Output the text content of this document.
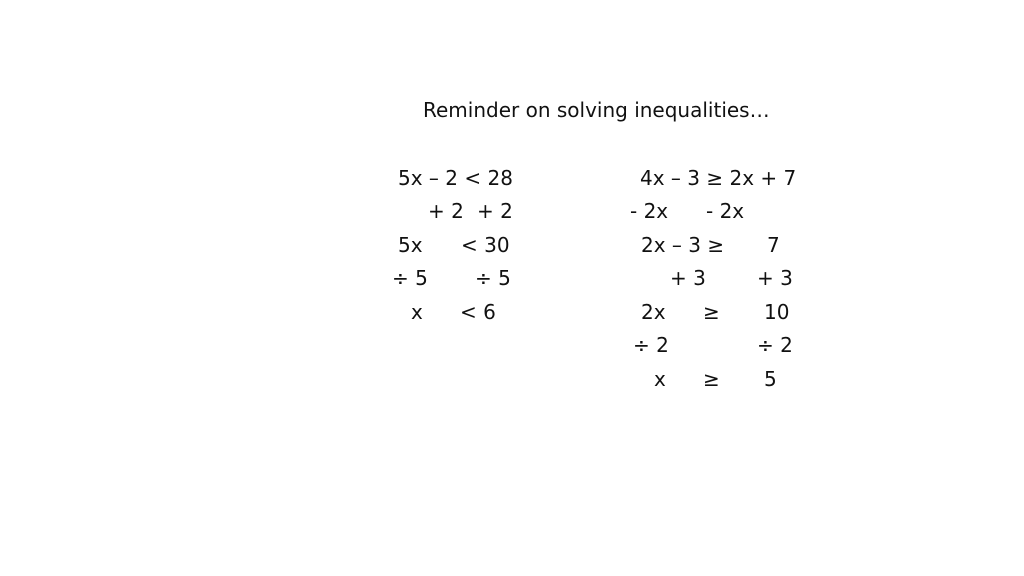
Reminder on solving inequalities…
5x – 2 < 28
+ 2 + 2
5x < 30
÷ 5 ÷ 5
x < 6
4x – 3 ≥ 2x + 7
- 2x - 2x
2x – 3 ≥ 7
+ 3	+ 3
2x ≥ 10
÷ 2	÷ 2
x ≥ 5
